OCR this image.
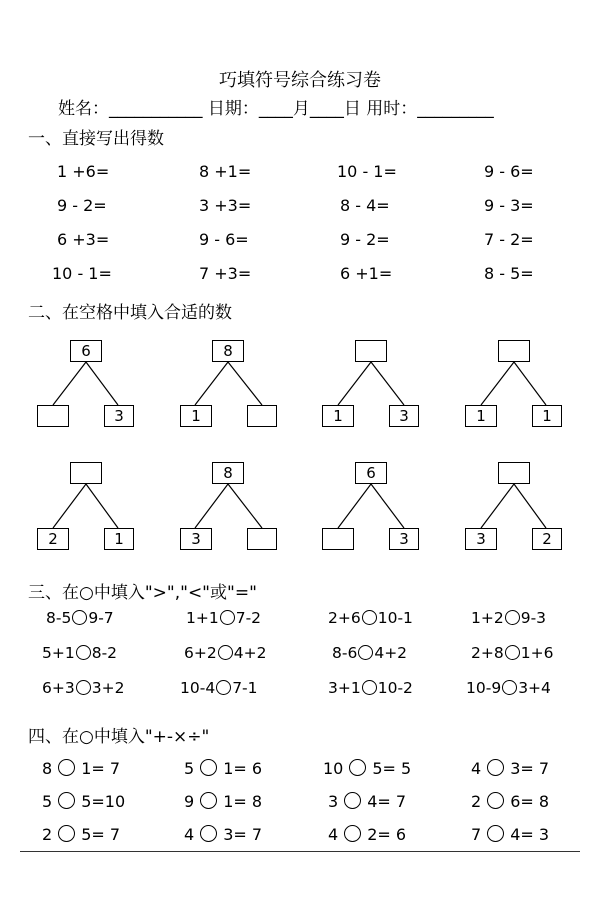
巧填符号综合练习卷
姓名：___________ 日期：____月____日 用时：_________
一、直接写出得数
1 +6=	8 +1=	10 - 1=	9 - 6=
9 - 2=	3 +3=	8 - 4=	9 - 3=
6 +3=	9 - 6=	9 - 2=	7 - 2=
10 - 1=	7 +3=	6 +1=	8 - 5=
二、在空格中填入合适的数
6
3
8
1	1	3	1	1
2	1
8
3
6
3	3	2
三、在○中填入">","<"或"="
8-5 9-7	1+1 7-2	2+6 10-1	1+2 9-3
5+1 8-2	6+2 4+2	8-6 4+2	2+8 1+6
6+3 3+2	10-4 7-1	3+1 10-2	10-9 3+4
四、在○中填入"+-×÷"
8 1= 7	5 1= 6	10 5= 5	4 3= 7
5 5=10	9 1= 8	3 4= 7	2 6= 8
2 5= 7	4 3= 7	4 2= 6	7 4= 3
